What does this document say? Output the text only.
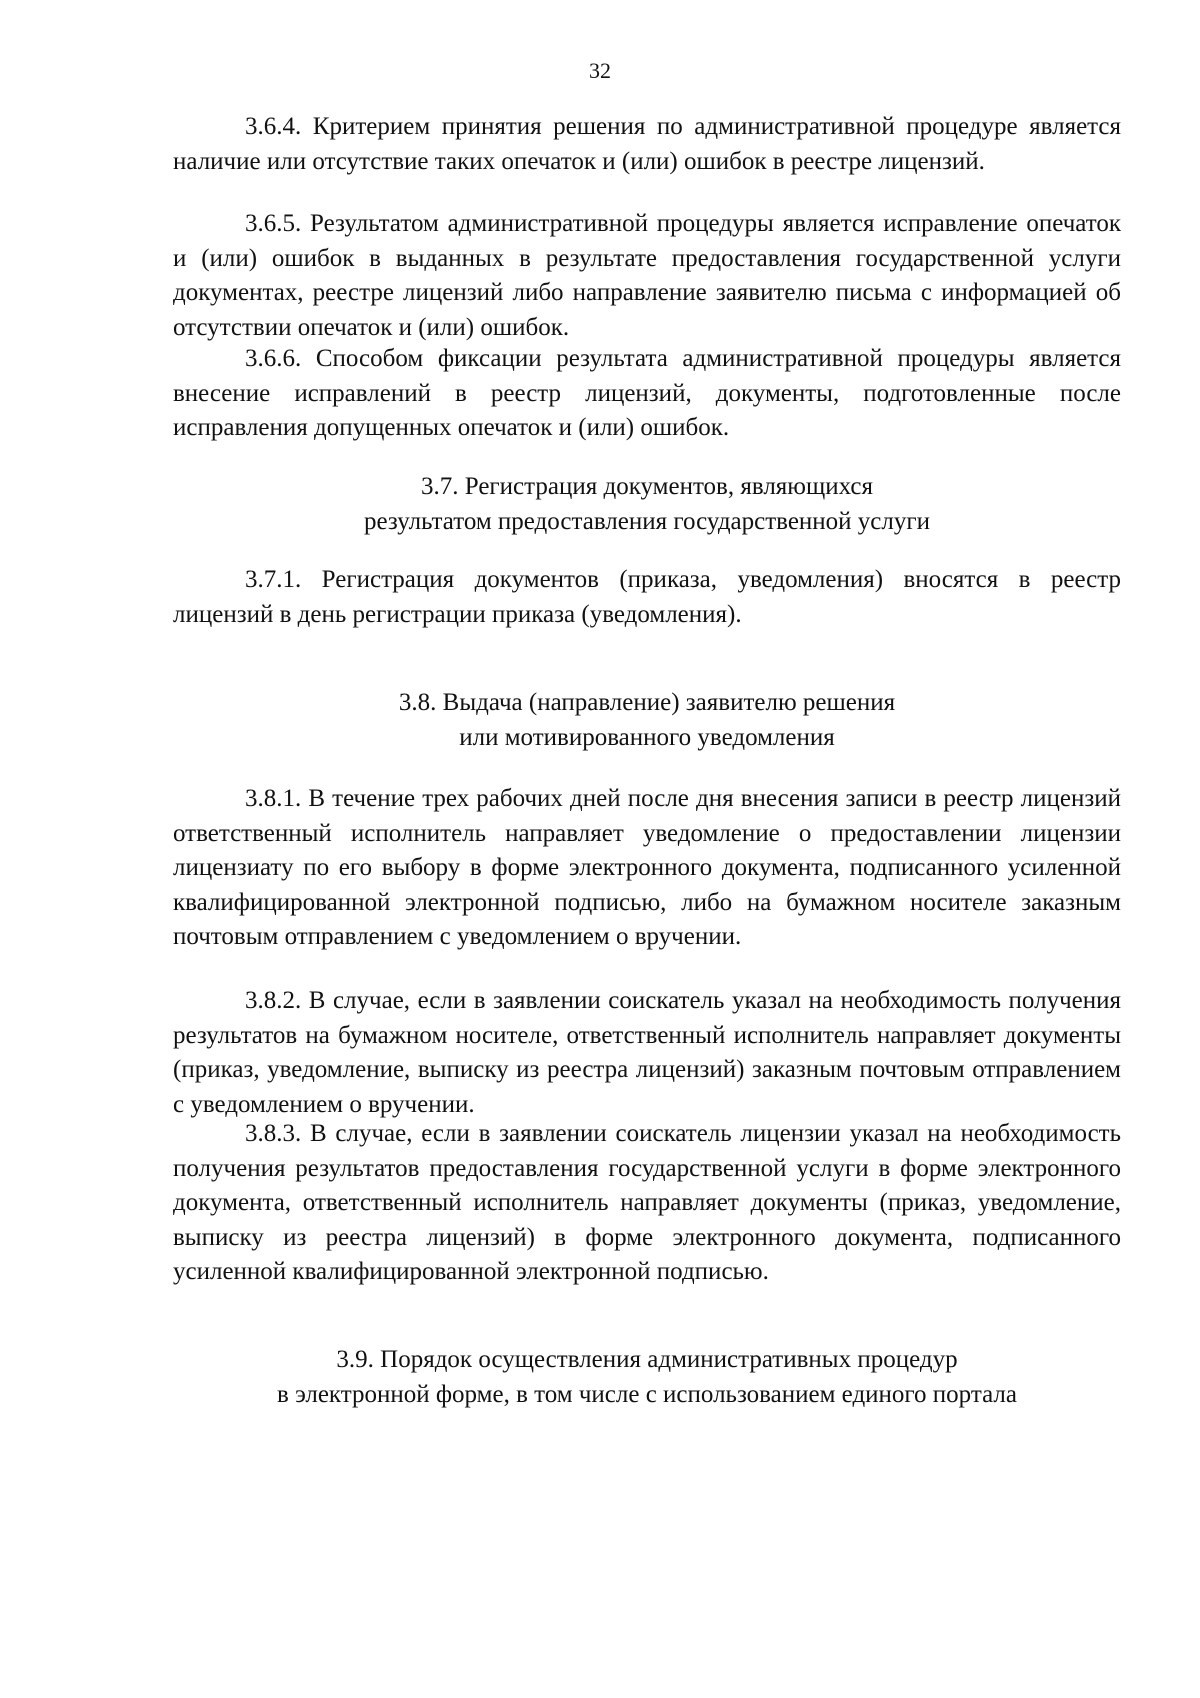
32

3.6.4. Критерием принятия решения по административной процедуре является наличие или отсутствие таких опечаток и (или) ошибок в реестре лицензий.

3.6.5. Результатом административной процедуры является исправление опечаток и (или) ошибок в выданных в результате предоставления государственной услуги документах, реестре лицензий либо направление заявителю письма с информацией об отсутствии опечаток и (или) ошибок.

3.6.6. Способом фиксации результата административной процедуры является внесение исправлений в реестр лицензий, документы, подготовленные после исправления допущенных опечаток и (или) ошибок.

3.7. Регистрация документов, являющихся
результатом предоставления государственной услуги

3.7.1. Регистрация документов (приказа, уведомления) вносятся в реестр лицензий в день регистрации приказа (уведомления).

3.8. Выдача (направление) заявителю решения
или мотивированного уведомления

3.8.1. В течение трех рабочих дней после дня внесения записи в реестр лицензий ответственный исполнитель направляет уведомление о предоставлении лицензии лицензиату по его выбору в форме электронного документа, подписанного усиленной квалифицированной электронной подписью, либо на бумажном носителе заказным почтовым отправлением с уведомлением о вручении.

3.8.2. В случае, если в заявлении соискатель указал на необходимость получения результатов на бумажном носителе, ответственный исполнитель направляет документы (приказ, уведомление, выписку из реестра лицензий) заказным почтовым отправлением с уведомлением о вручении.

3.8.3. В случае, если в заявлении соискатель лицензии указал на необходимость получения результатов предоставления государственной услуги в форме электронного документа, ответственный исполнитель направляет документы (приказ, уведомление, выписку из реестра лицензий) в форме электронного документа, подписанного усиленной квалифицированной электронной подписью.

3.9. Порядок осуществления административных процедур
в электронной форме, в том числе с использованием единого портала
